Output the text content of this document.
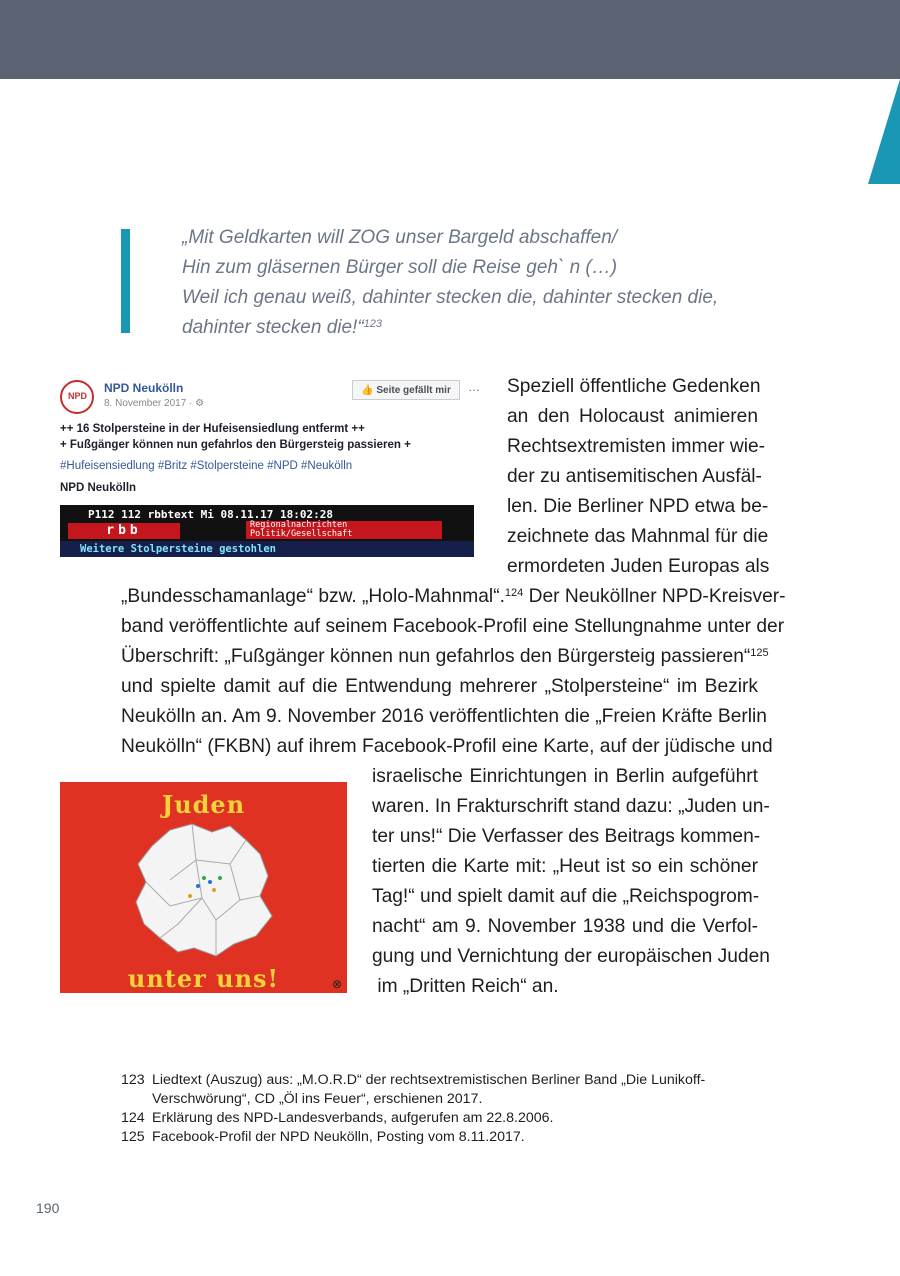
„Mit Geldkarten will ZOG unser Bargeld abschaffen/

Hin zum gläsernen Bürger soll die Reise geh` n (…)

Weil ich genau weiß, dahinter stecken die, dahinter stecken die,

dahinter stecken die!“$^{123}$

NPD
NPD Neukölln
8. November 2017 · ⚙
👍 Seite gefällt mir	…
++ 16 Stolpersteine in der Hufeisensiedlung entfermt ++
+ Fußgänger können nun gefahrlos den Bürgersteig passieren +
#Hufeisensiedlung #Britz #Stolpersteine #NPD #Neukölln
NPD Neukölln
P112 112 rbbtext Mi 08.11.17 18:02:28
rbb	Regionalnachrichten
Politik/Gesellschaft
Weitere Stolpersteine gestohlen

Speziell öffentliche Gedenken

an den Holocaust animieren

Rechtsextremisten immer wie-

der zu antisemitischen Ausfäl-

len. Die Berliner NPD etwa be-

zeichnete das Mahnmal für die

ermordeten Juden Europas als

„Bundesschamanlage“ bzw. „Holo-Mahnmal“.$^{124}$ Der Neuköllner NPD-Kreisver-

band veröffentlichte auf seinem Facebook-Profil eine Stellungnahme unter der

Überschrift: „Fußgänger können nun gefahrlos den Bürgersteig passieren“$^{125}$

und spielte damit auf die Entwendung mehrerer „Stolpersteine“ im Bezirk

Neukölln an. Am 9. November 2016 veröffentlichten die „Freien Kräfte Berlin

Neukölln“ (FKBN) auf ihrem Facebook-Profil eine Karte, auf der jüdische und

Juden
unter uns!	⊗

israelische Einrichtungen in Berlin aufgeführt

waren. In Frakturschrift stand dazu: „Juden un-

ter uns!“ Die Verfasser des Beitrags kommen-

tierten die Karte mit: „Heut ist so ein schöner

Tag!“ und spielt damit auf die „Reichspogrom-

nacht“ am 9. November 1938 und die Verfol-

gung und Vernichtung der europäischen Juden

im „Dritten Reich“ an.

123 Liedtext (Auszug) aus: „M.O.R.D“ der rechtsextremistischen Berliner Band „Die Lunikoff-
Verschwörung“, CD „Öl ins Feuer“, erschienen 2017.
124 Erklärung des NPD-Landesverbands, aufgerufen am 22.8.2006.
125 Facebook-Profil der NPD Neukölln, Posting vom 8.11.2017.
190
